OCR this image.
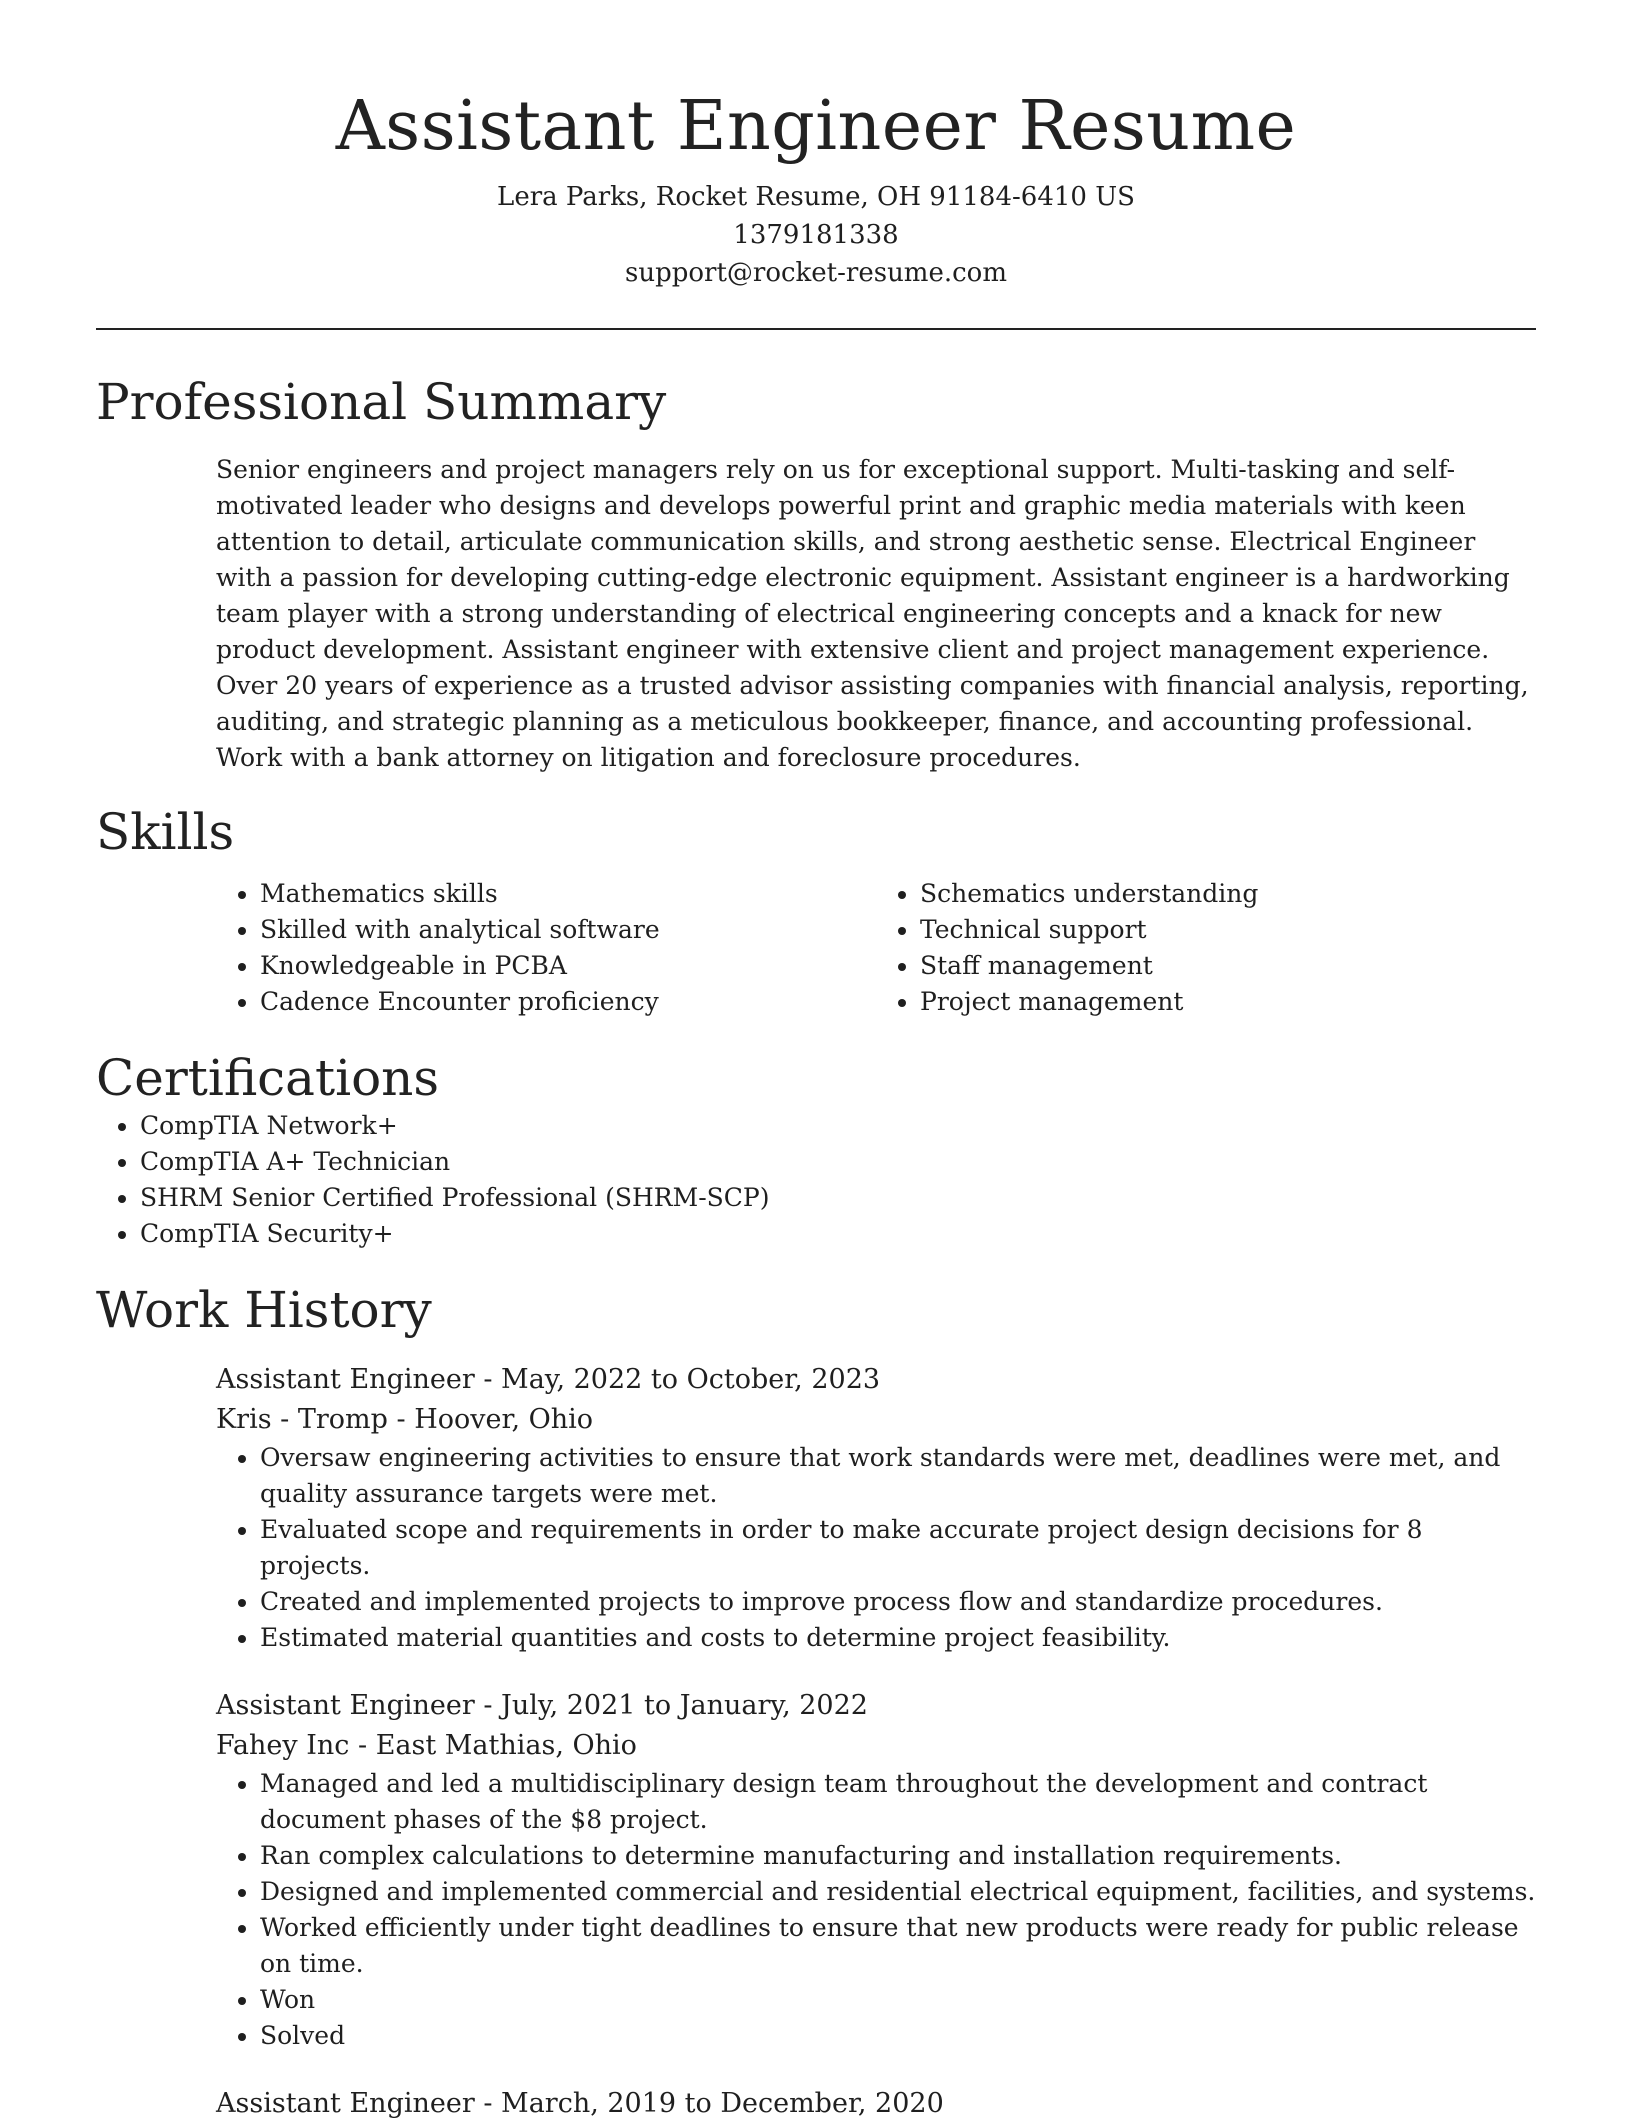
Assistant Engineer Resume
Lera Parks, Rocket Resume, OH 91184-6410 US
1379181338
support@rocket-resume.com
Professional Summary

Senior engineers and project managers rely on us for exceptional support. Multi-tasking and self-motivated leader who designs and develops powerful print and graphic media materials with keen attention to detail, articulate communication skills, and strong aesthetic sense. Electrical Engineer with a passion for developing cutting-edge electronic equipment. Assistant engineer is a hardworking team player with a strong understanding of electrical engineering concepts and a knack for new product development. Assistant engineer with extensive client and project management experience. Over 20 years of experience as a trusted advisor assisting companies with financial analysis, reporting, auditing, and strategic planning as a meticulous bookkeeper, finance, and accounting professional. Work with a bank attorney on litigation and foreclosure procedures.

Skills
• Mathematics skills
• Skilled with analytical software
• Knowledgeable in PCBA
• Cadence Encounter proficiency
• Schematics understanding
• Technical support
• Staff management
• Project management
Certifications
• CompTIA Network+
• CompTIA A+ Technician
• SHRM Senior Certified Professional (SHRM-SCP)
• CompTIA Security+
Work History
Assistant Engineer - May, 2022 to October, 2023
Kris - Tromp - Hoover, Ohio
• Oversaw engineering activities to ensure that work standards were met, deadlines were met, and quality assurance targets were met.
• Evaluated scope and requirements in order to make accurate project design decisions for 8 projects.
• Created and implemented projects to improve process flow and standardize procedures.
• Estimated material quantities and costs to determine project feasibility.
Assistant Engineer - July, 2021 to January, 2022
Fahey Inc - East Mathias, Ohio
• Managed and led a multidisciplinary design team throughout the development and contract document phases of the $8 project.
• Ran complex calculations to determine manufacturing and installation requirements.
• Designed and implemented commercial and residential electrical equipment, facilities, and systems.
• Worked efficiently under tight deadlines to ensure that new products were ready for public release on time.
• Won
• Solved
Assistant Engineer - March, 2019 to December, 2020
